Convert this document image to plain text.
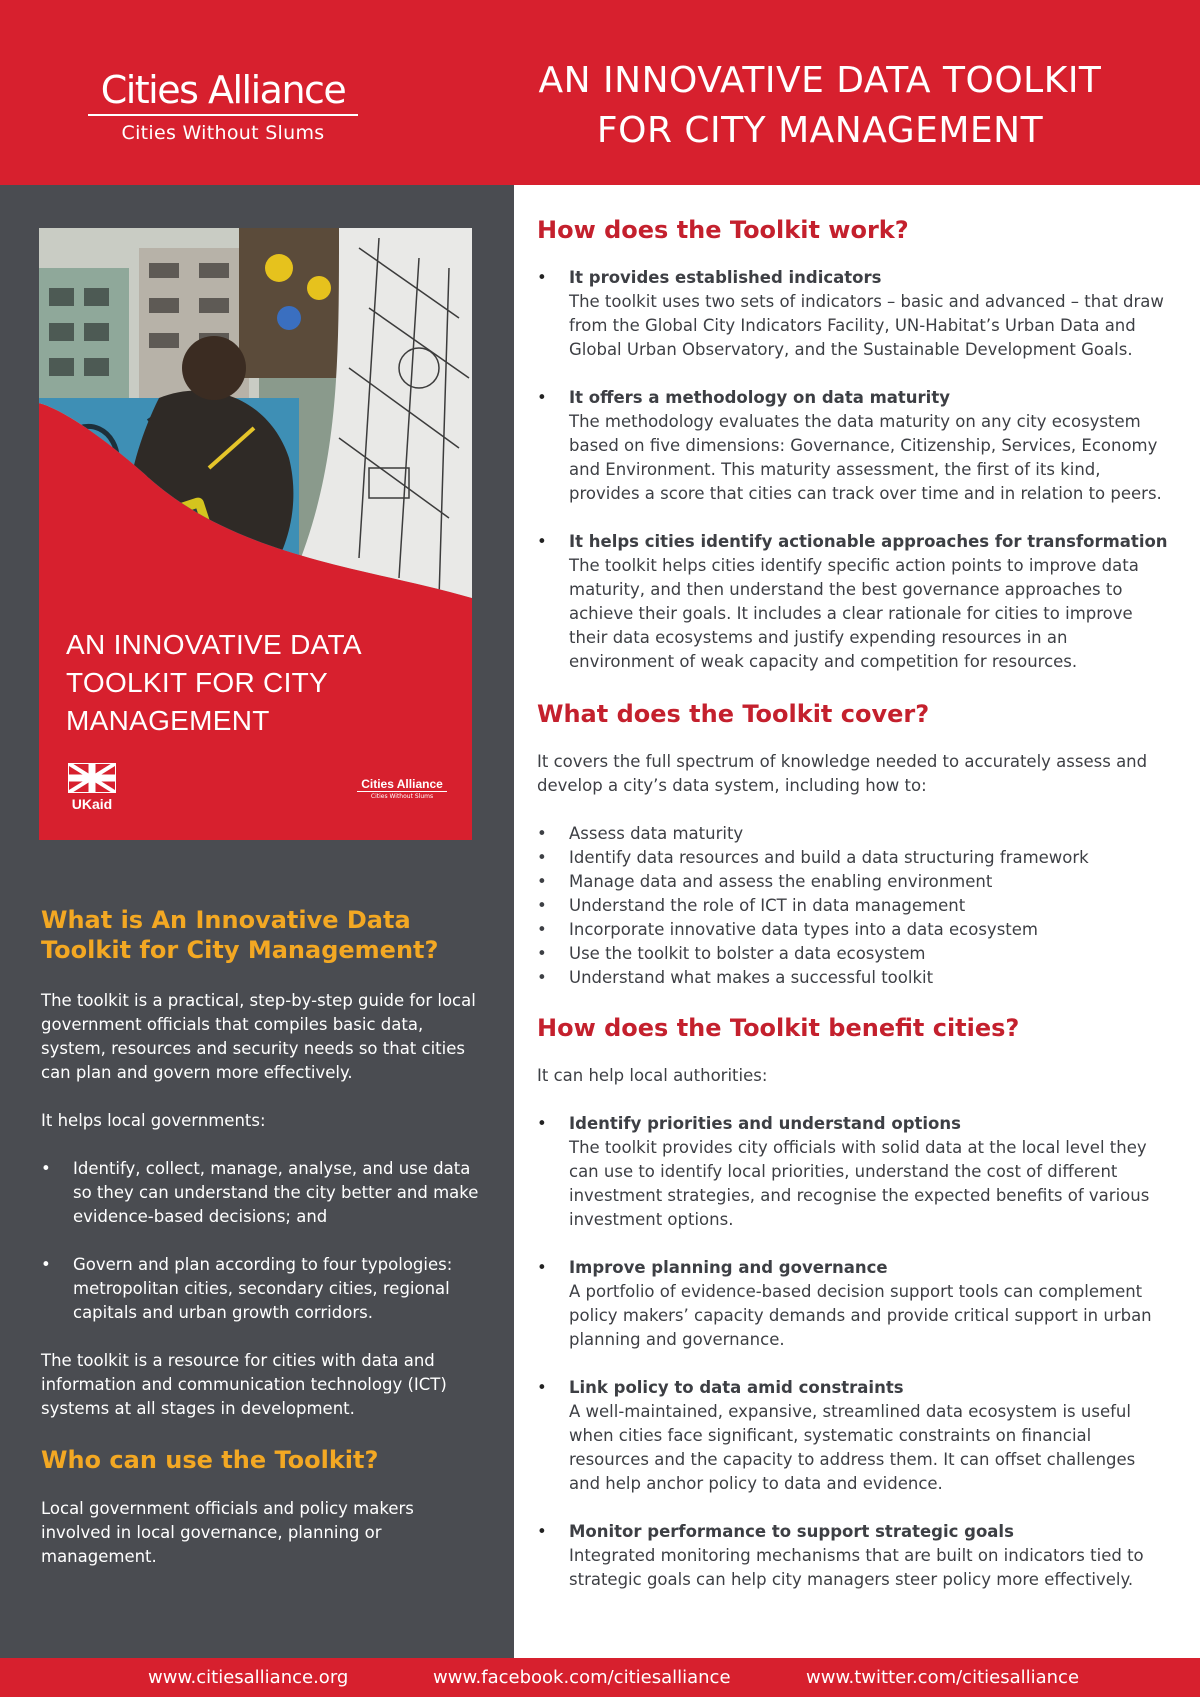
Cities Alliance
Cities Without Slums
AN INNOVATIVE DATA TOOLKIT
FOR CITY MANAGEMENT
AN INNOVATIVE DATA
TOOLKIT FOR CITY
MANAGEMENT
UKaid
Cities Alliance
Cities Without Slums
What is An Innovative Data Toolkit for City Management?

The toolkit is a practical, step-by-step guide for local government officials that compiles basic data, system, resources and security needs so that cities can plan and govern more effectively.

It helps local governments:

• Identify, collect, manage, analyse, and use data so they can understand the city better and make evidence-based decisions; and
• Govern and plan according to four typologies: metropolitan cities, secondary cities, regional capitals and urban growth corridors.

The toolkit is a resource for cities with data and information and communication technology (ICT) systems at all stages in development.

Who can use the Toolkit?

Local government officials and policy makers involved in local governance, planning or management.

How does the Toolkit work?
• It provides established indicators
The toolkit uses two sets of indicators – basic and advanced – that draw from the Global City Indicators Facility, UN-Habitat’s Urban Data and Global Urban Observatory, and the Sustainable Development Goals.
• It offers a methodology on data maturity
The methodology evaluates the data maturity on any city ecosystem based on five dimensions: Governance, Citizenship, Services, Economy and Environment. This maturity assessment, the first of its kind, provides a score that cities can track over time and in relation to peers.
• It helps cities identify actionable approaches for transformation
The toolkit helps cities identify specific action points to improve data maturity, and then understand the best governance approaches to achieve their goals. It includes a clear rationale for cities to improve their data ecosystems and justify expending resources in an environment of weak capacity and competition for resources.
What does the Toolkit cover?

It covers the full spectrum of knowledge needed to accurately assess and develop a city’s data system, including how to:

• Assess data maturity
• Identify data resources and build a data structuring framework
• Manage data and assess the enabling environment
• Understand the role of ICT in data management
• Incorporate innovative data types into a data ecosystem
• Use the toolkit to bolster a data ecosystem
• Understand what makes a successful toolkit
How does the Toolkit benefit cities?

It can help local authorities:

• Identify priorities and understand options
The toolkit provides city officials with solid data at the local level they can use to identify local priorities, understand the cost of different investment strategies, and recognise the expected benefits of various investment options.
• Improve planning and governance
A portfolio of evidence-based decision support tools can complement policy makers’ capacity demands and provide critical support in urban planning and governance.
• Link policy to data amid constraints
A well-maintained, expansive, streamlined data ecosystem is useful when cities face significant, systematic constraints on financial resources and the capacity to address them. It can offset challenges and help anchor policy to data and evidence.
• Monitor performance to support strategic goals
Integrated monitoring mechanisms that are built on indicators tied to strategic goals can help city managers steer policy more effectively.
www.citiesalliance.org	www.facebook.com/citiesalliance	www.twitter.com/citiesalliance
